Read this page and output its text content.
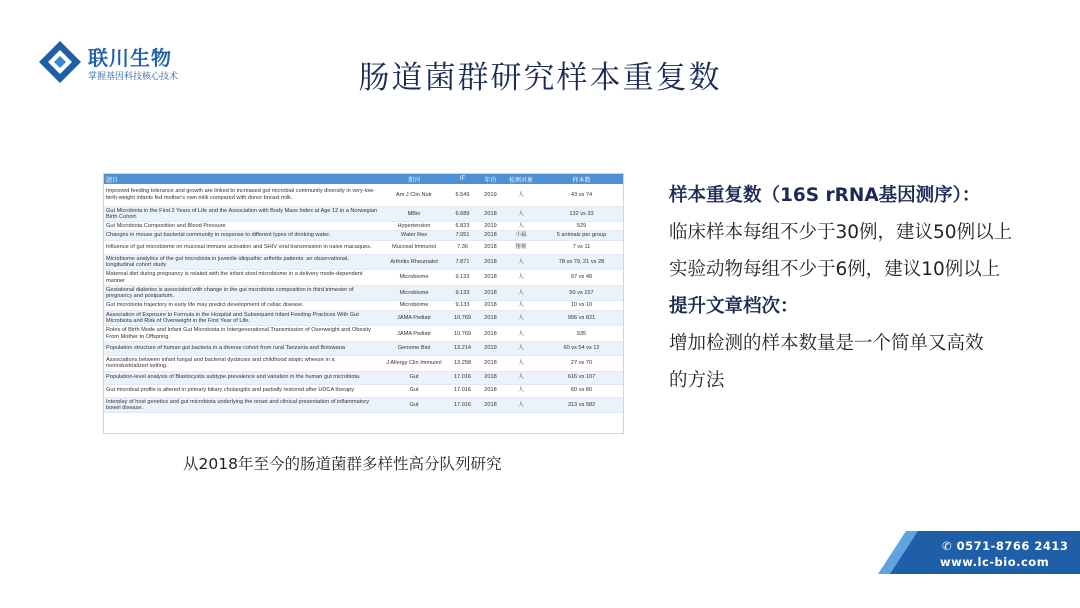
联川生物
掌握基因科技核心技术	肠道菌群研究样本重复数
题目	期刊	IF	年份	检测对象	样本数
Improved feeding tolerance and growth are linked to increased gut microbial community diversity in very-low-birth-weight infants fed mother's own milk compared with donor breast milk.	Am J Clin Nutr	6.549	2019	人	43 vs 74
Gut Microbiota in the First 2 Years of Life and the Association with Body Mass Index at Age 12 in a Norwegian Birth Cohort.	MBio	6.689	2018	人	132 vs 33
Gut Microbiota Composition and Blood Pressure	Hypertension	6.823	2019	人	529
Changes in mouse gut bacterial community in response to different types of drinking water.	Water Res	7.051	2018	小鼠	5 animals per group
Influence of gut microbiome on mucosal immune activation and SHIV viral transmission in naive macaques.	Mucosal Immunol	7.36	2018	猕猴	7 vs 11
Microbiome analytics of the gut microbiota in juvenile idiopathic arthritis patients: an observational, longitudinal cohort study	Arthritis Rheumatol	7.871	2018	人	78 vs 79, 21 vs 28
Maternal diet during pregnancy is related with the infant stool microbiome in a delivery mode-dependent manner	Microbiome	9.133	2018	人	97 vs 48
Gestational diabetes is associated with change in the gut microbiota composition in third trimester of pregnancy and postpartum.	Microbiome	9.133	2018	人	50 vs 157
Gut microbiota trajectory in early life may predict development of celiac disease.	Microbiome	9.133	2018	人	10 vs 10
Association of Exposure to Formula in the Hospital and Subsequent Infant Feeding Practices With Gut Microbiota and Risk of Overweight in the First Year of Life.	JAMA Pediatr	10.769	2018	人	996 vs 821
Roles of Birth Mode and Infant Gut Microbiota in Intergenerational Transmission of Overweight and Obesity From Mother to Offspring.	JAMA Pediatr	10.769	2018	人	935
Population structure of human gut bacteria in a diverse cohort from rural Tanzania and Botswana	Genome Biol	13.214	2019	人	60 vs 54 vs 12
Associations between infant fungal and bacterial dysbiosis and childhood atopic wheeze in a nonindustrialized setting.	J Allergy Clin Immunol	13.258	2018	人	27 vs 70
Population-level analysis of Blastocystis subtype prevalence and variation in the human gut microbiota.	Gut	17.016	2018	人	616 vs 107
Gut microbial profile is altered in primary biliary cholangitis and partially restored after UDCA therapy	Gut	17.016	2018	人	60 vs 80
Interplay of host genetics and gut microbiota underlying the onset and clinical presentation of inflammatory bowel disease.	Gut	17.016	2018	人	313 vs 582
从2018年至今的肠道菌群多样性高分队列研究
样本重复数（16S rRNA基因测序）：
临床样本每组不少于30例，建议50例以上
实验动物每组不少于6例，建议10例以上
提升文章档次：
增加检测的样本数量是一个简单又高效
的方法
✆ 0571-8766 2413
www.lc-bio.com
